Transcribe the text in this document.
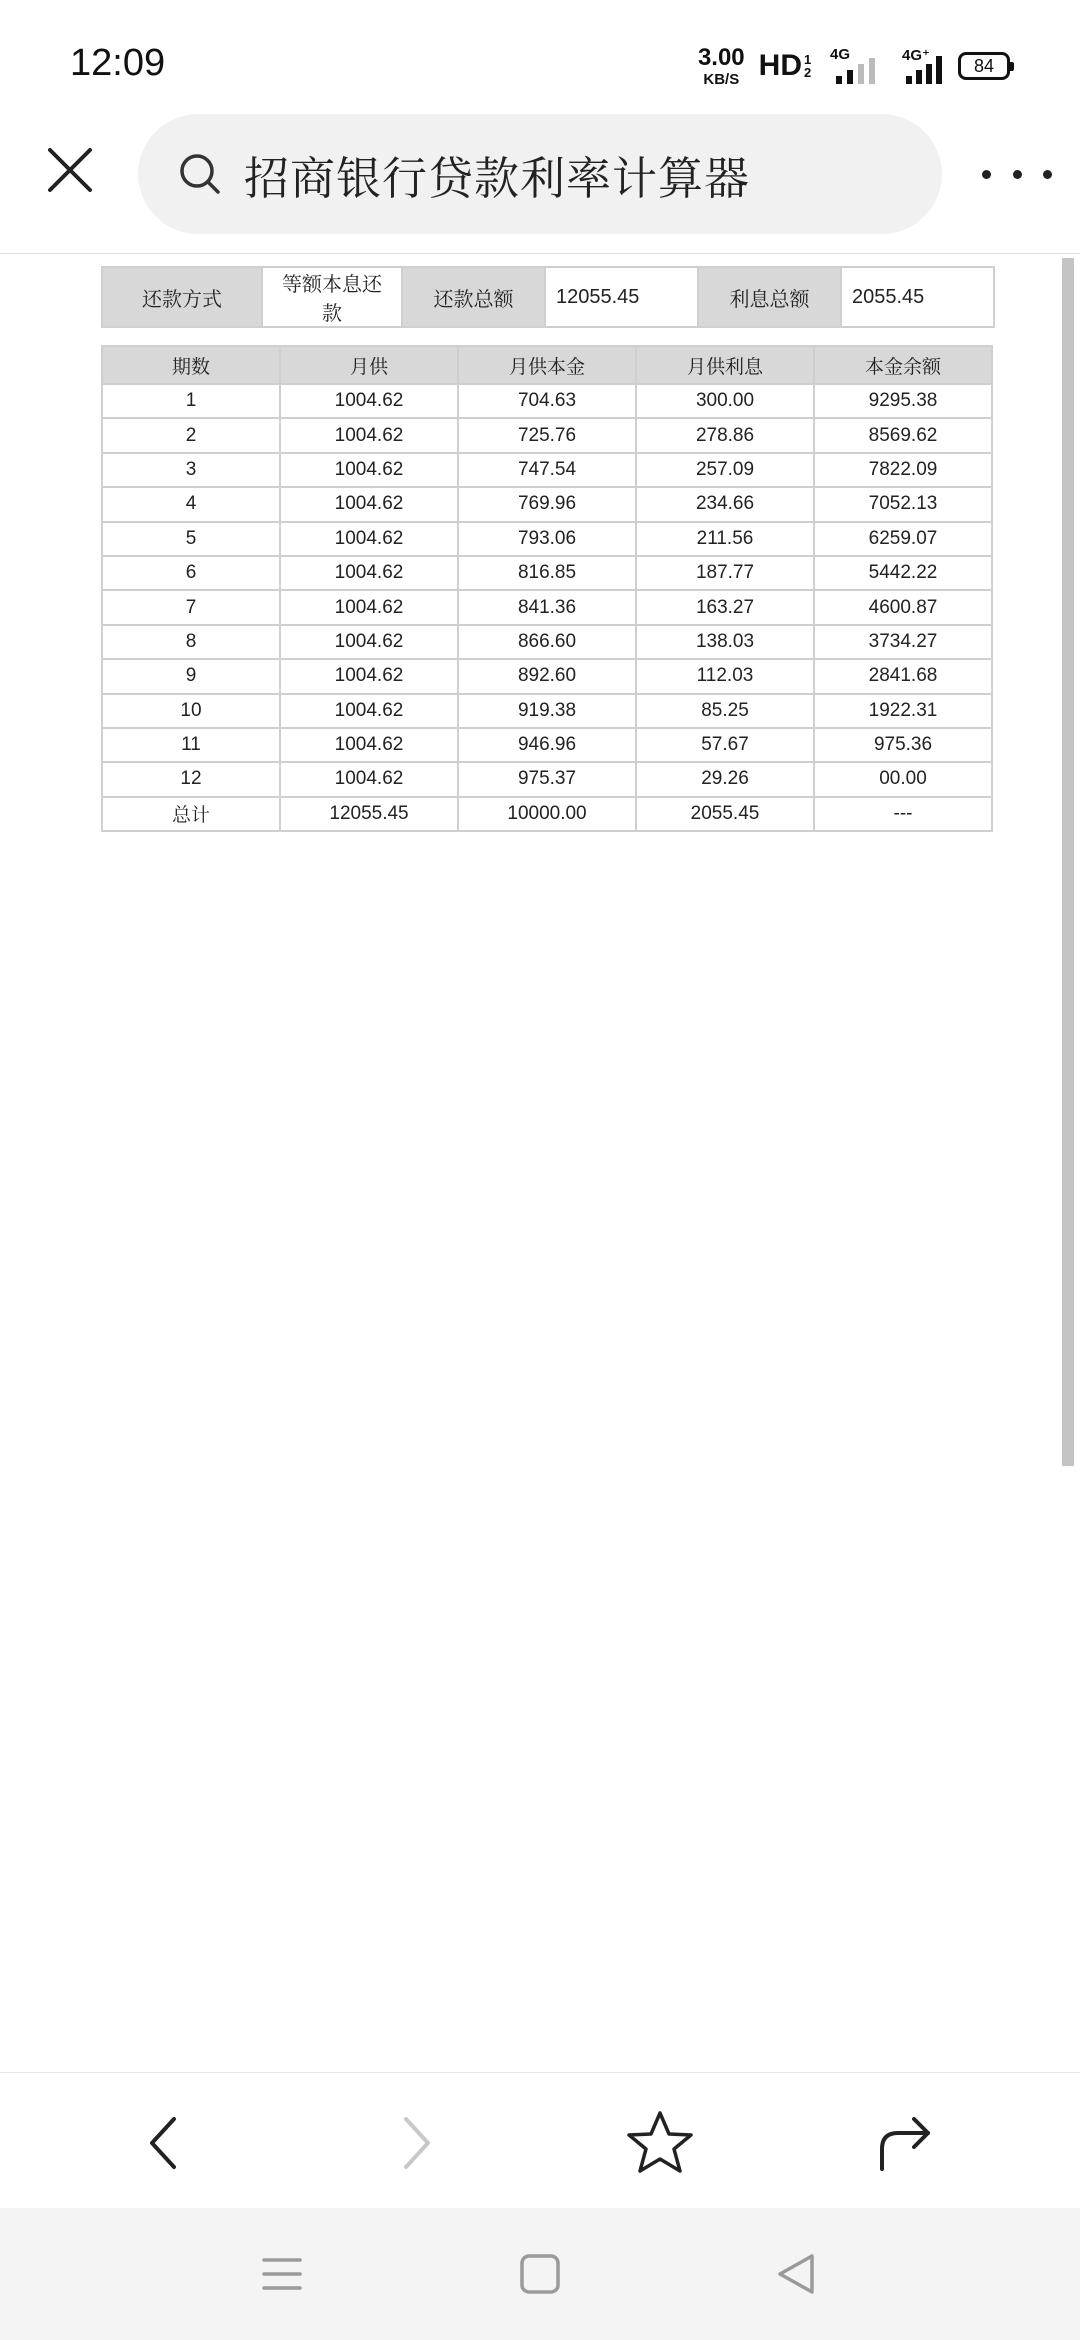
12:09	3.00
KB/S HD 1
2
4G	4G⁺ 84
招商银行贷款利率计算器
还款方式	等额本息还款	还款总额	12055.45	利息总额	2055.45
期数	月供	月供本金	月供利息	本金余额
1	1004.62	704.63	300.00	9295.38
2	1004.62	725.76	278.86	8569.62
3	1004.62	747.54	257.09	7822.09
4	1004.62	769.96	234.66	7052.13
5	1004.62	793.06	211.56	6259.07
6	1004.62	816.85	187.77	5442.22
7	1004.62	841.36	163.27	4600.87
8	1004.62	866.60	138.03	3734.27
9	1004.62	892.60	112.03	2841.68
10	1004.62	919.38	85.25	1922.31
11	1004.62	946.96	57.67	975.36
12	1004.62	975.37	29.26	00.00
总计	12055.45	10000.00	2055.45	---
